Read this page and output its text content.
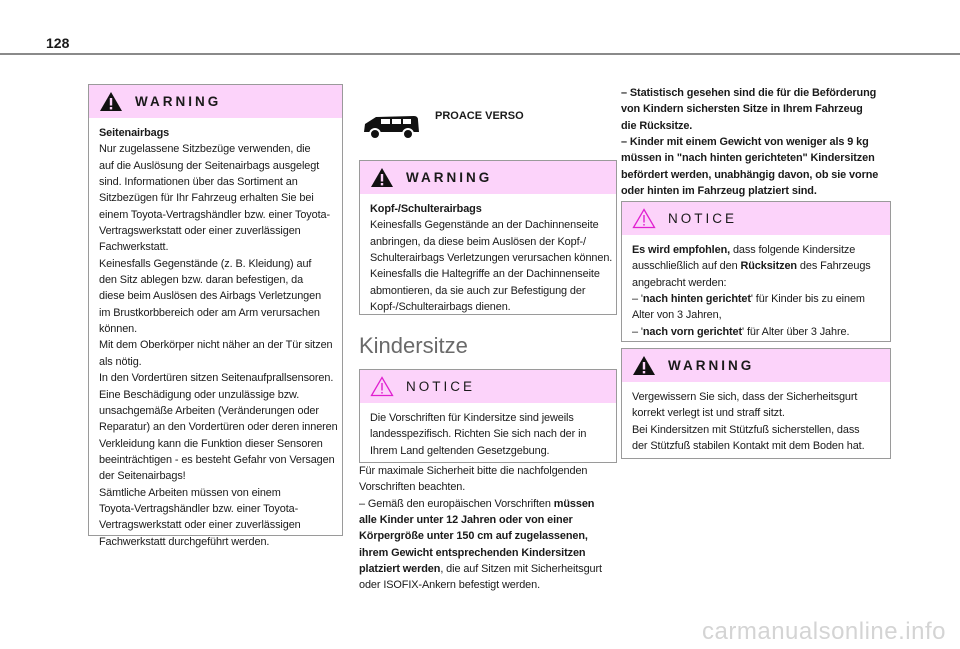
128
WARNING
Seitenairbags
Nur zugelassene Sitzbezüge verwenden, die
auf die Auslösung der Seitenairbags ausgelegt
sind. Informationen über das Sortiment an
Sitzbezügen für Ihr Fahrzeug erhalten Sie bei
einem Toyota-Vertragshändler bzw. einer Toyota-
Vertragswerkstatt oder einer zuverlässigen
Fachwerkstatt.
Keinesfalls Gegenstände (z. B. Kleidung) auf
den Sitz ablegen bzw. daran befestigen, da
diese beim Auslösen des Airbags Verletzungen
im Brustkorbbereich oder am Arm verursachen
können.
Mit dem Oberkörper nicht näher an der Tür sitzen
als nötig.
In den Vordertüren sitzen Seitenaufprallsensoren.
Eine Beschädigung oder unzulässige bzw.
unsachgemäße Arbeiten (Veränderungen oder
Reparatur) an den Vordertüren oder deren inneren
Verkleidung kann die Funktion dieser Sensoren
beeinträchtigen - es besteht Gefahr von Versagen
der Seitenairbags!
Sämtliche Arbeiten müssen von einem
Toyota-Vertragshändler bzw. einer Toyota-
Vertragswerkstatt oder einer zuverlässigen
Fachwerkstatt durchgeführt werden.
PROACE VERSO
WARNING
Kopf-/Schulterairbags
Keinesfalls Gegenstände an der Dachinnenseite
anbringen, da diese beim Auslösen der Kopf-/
Schulterairbags Verletzungen verursachen können.
Keinesfalls die Haltegriffe an der Dachinnenseite
abmontieren, da sie auch zur Befestigung der
Kopf-/Schulterairbags dienen.
Kindersitze
NOTICE
Die Vorschriften für Kindersitze sind jeweils
landesspezifisch. Richten Sie sich nach der in
Ihrem Land geltenden Gesetzgebung.
Für maximale Sicherheit bitte die nachfolgenden
Vorschriften beachten.
– Gemäß den europäischen Vorschriften müssen
alle Kinder unter 12 Jahren oder von einer
Körpergröße unter 150 cm auf zugelassenen,
ihrem Gewicht entsprechenden Kindersitzen
platziert werden, die auf Sitzen mit Sicherheitsgurt
oder ISOFIX-Ankern befestigt werden.
– Statistisch gesehen sind die für die Beförderung
von Kindern sichersten Sitze in Ihrem Fahrzeug
die Rücksitze.
– Kinder mit einem Gewicht von weniger als 9 kg
müssen in "nach hinten gerichteten" Kindersitzen
befördert werden, unabhängig davon, ob sie vorne
oder hinten im Fahrzeug platziert sind.
NOTICE
Es wird empfohlen, dass folgende Kindersitze
ausschließlich auf den Rücksitzen des Fahrzeugs
angebracht werden:
– 'nach hinten gerichtet' für Kinder bis zu einem
Alter von 3 Jahren,
– 'nach vorn gerichtet' für Alter über 3 Jahre.
WARNING
Vergewissern Sie sich, dass der Sicherheitsgurt
korrekt verlegt ist und straff sitzt.
Bei Kindersitzen mit Stützfuß sicherstellen, dass
der Stützfuß stabilen Kontakt mit dem Boden hat.
carmanualsonline.info
